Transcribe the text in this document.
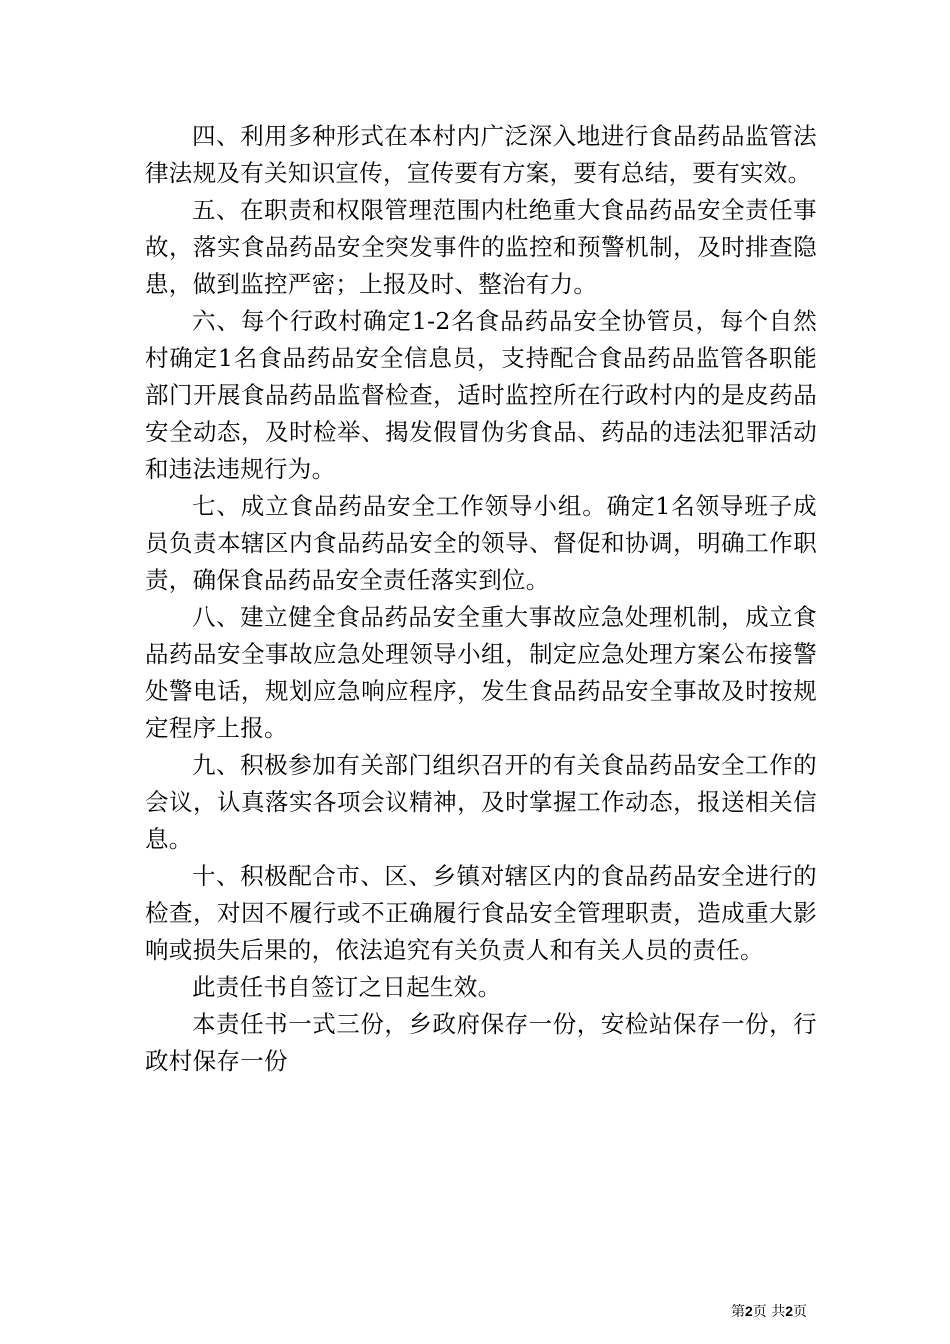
四、利用多种形式在本村内广泛深入地进行食品药品监管法律法规及有关知识宣传，宣传要有方案，要有总结，要有实效。

五、在职责和权限管理范围内杜绝重大食品药品安全责任事故，落实食品药品安全突发事件的监控和预警机制，及时排查隐患，做到监控严密；上报及时、整治有力。

六、每个行政村确定1-2名食品药品安全协管员，每个自然村确定1名食品药品安全信息员，支持配合食品药品监管各职能部门开展食品药品监督检查，适时监控所在行政村内的是皮药品安全动态，及时检举、揭发假冒伪劣食品、药品的违法犯罪活动和违法违规行为。

七、成立食品药品安全工作领导小组。确定1名领导班子成员负责本辖区内食品药品安全的领导、督促和协调，明确工作职责，确保食品药品安全责任落实到位。

八、建立健全食品药品安全重大事故应急处理机制，成立食品药品安全事故应急处理领导小组，制定应急处理方案公布接警处警电话，规划应急响应程序，发生食品药品安全事故及时按规定程序上报。

九、积极参加有关部门组织召开的有关食品药品安全工作的会议，认真落实各项会议精神，及时掌握工作动态，报送相关信息。

十、积极配合市、区、乡镇对辖区内的食品药品安全进行的检查，对因不履行或不正确履行食品安全管理职责，造成重大影响或损失后果的，依法追究有关负责人和有关人员的责任。

此责任书自签订之日起生效。

本责任书一式三份，乡政府保存一份，安检站保存一份，行政村保存一份

第2页 共2页
